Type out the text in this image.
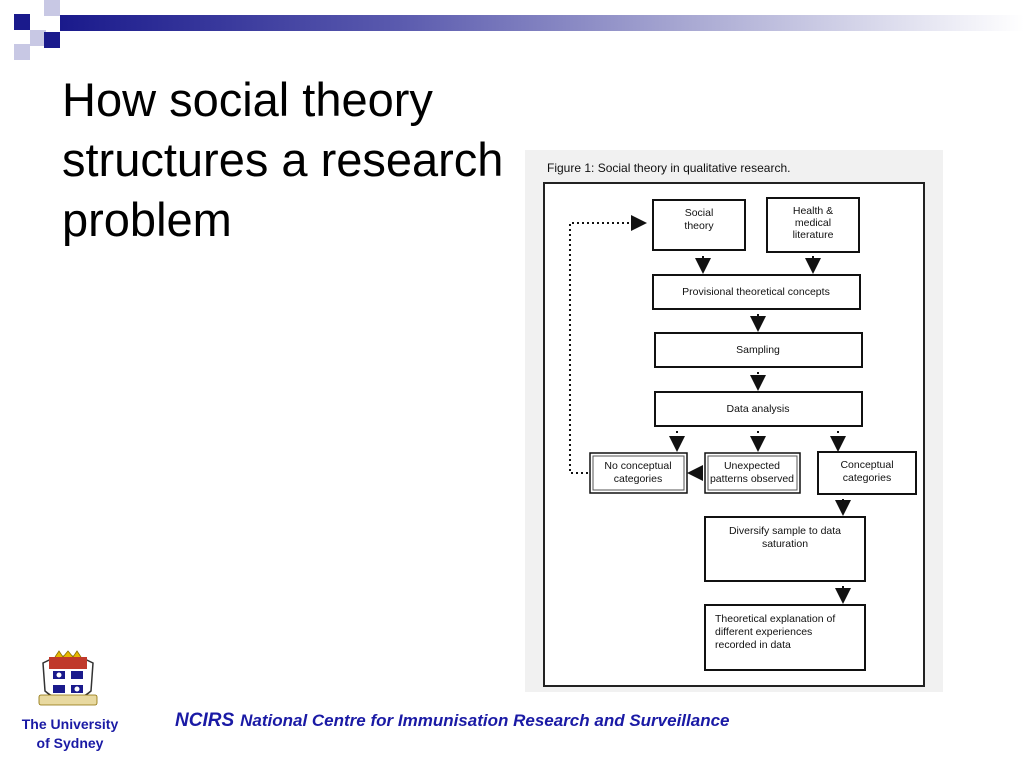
How social theory structures a research problem
Figure 1: Social theory in qualitative research.
Social theory
Health & medical literature
Provisional theoretical concepts
Sampling
Data analysis
No conceptual categories
Unexpected patterns observed
Conceptual categories
Diversify sample to data saturation
Theoretical explanation of different experiences recorded in data
The University
of Sydney
NCIRS National Centre for Immunisation Research and Surveillance
